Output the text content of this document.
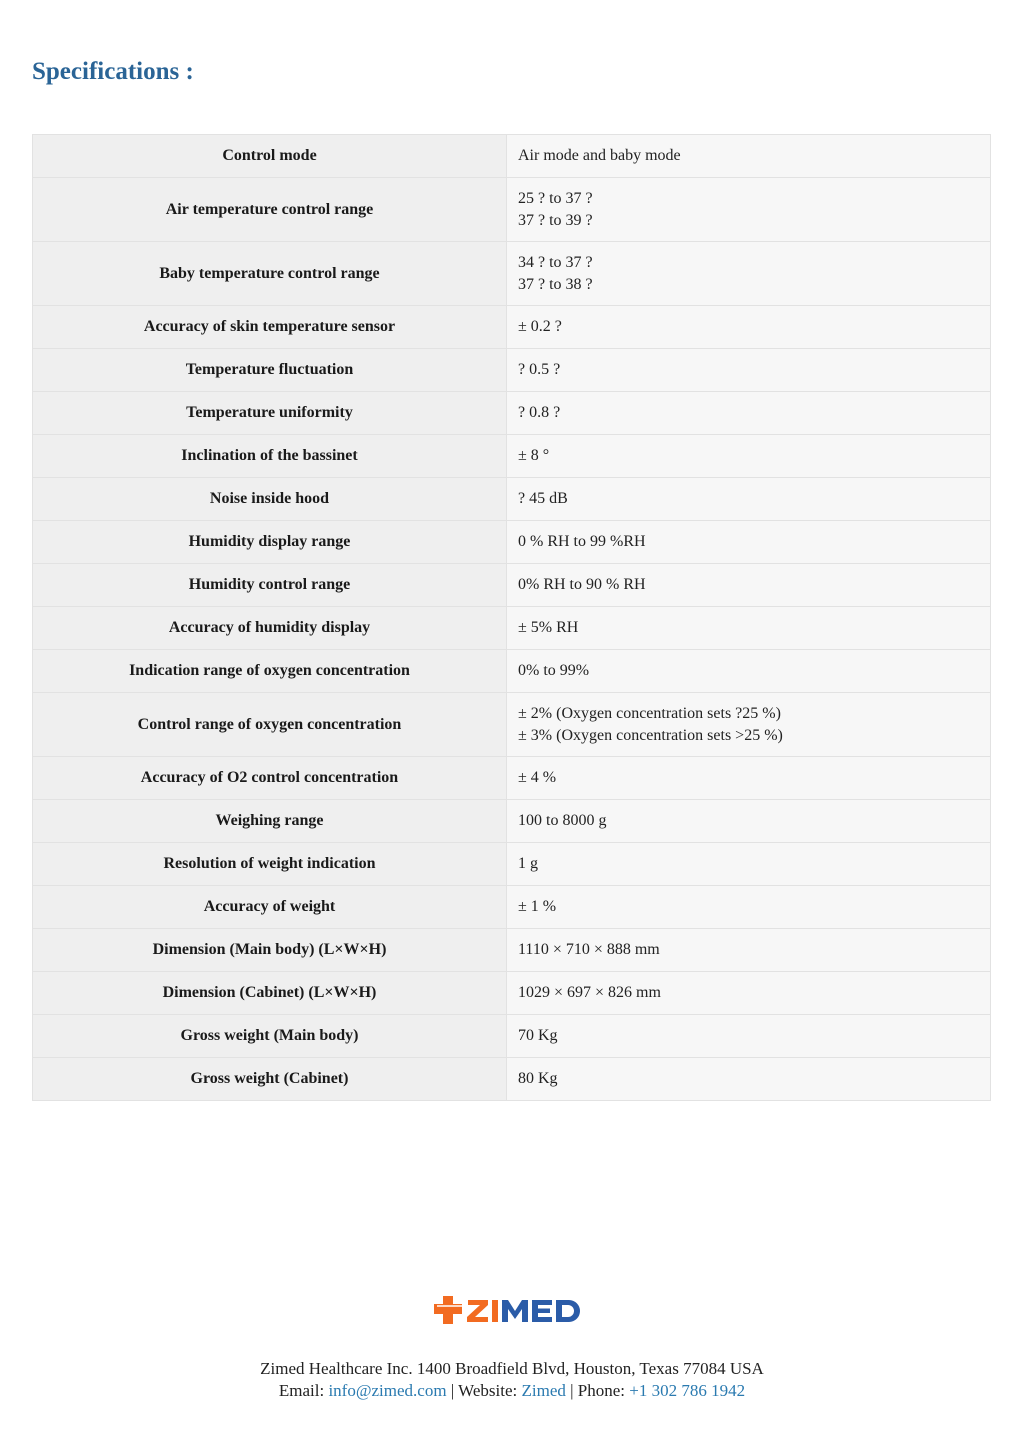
Specifications :
Control mode	Air mode and baby mode

Air temperature control range	25 ? to 37 ?
37 ? to 39 ?

Baby temperature control range	34 ? to 37 ?
37 ? to 38 ?

Accuracy of skin temperature sensor	± 0.2 ?

Temperature fluctuation	? 0.5 ?

Temperature uniformity	? 0.8 ?

Inclination of the bassinet	± 8 °

Noise inside hood	? 45 dB

Humidity display range	0 % RH to 99 %RH

Humidity control range	0% RH to 90 % RH

Accuracy of humidity display	± 5% RH

Indication range of oxygen concentration	0% to 99%

Control range of oxygen concentration	± 2% (Oxygen concentration sets ?25 %)
± 3% (Oxygen concentration sets >25 %)

Accuracy of O2 control concentration	± 4 %

Weighing range	100 to 8000 g

Resolution of weight indication	1 g

Accuracy of weight	± 1 %

Dimension (Main body) (L×W×H)	1110 × 710 × 888 mm

Dimension (Cabinet) (L×W×H)	1029 × 697 × 826 mm

Gross weight (Main body)	70 Kg

Gross weight (Cabinet)	80 Kg
Zimed Healthcare Inc. 1400 Broadfield Blvd, Houston, Texas 77084 USA
Email: info@zimed.com | Website: Zimed | Phone: +1 302 786 1942
